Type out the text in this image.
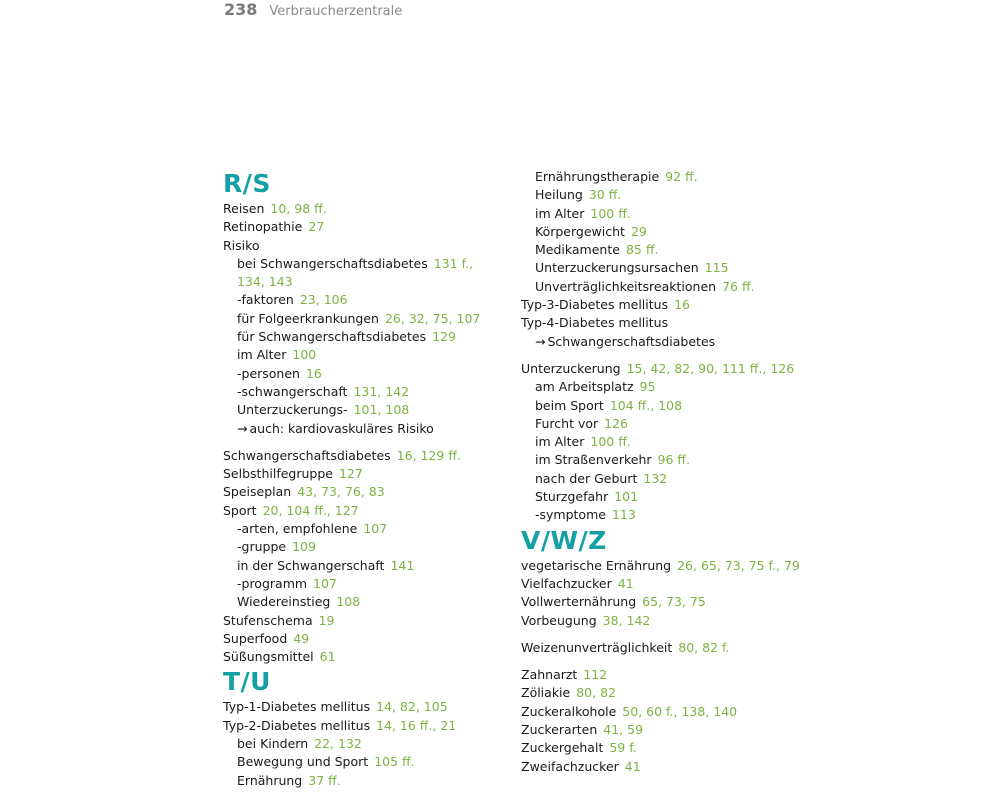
238 Verbraucherzentrale
R/S
Reisen 10, 98 ff.
Retinopathie 27
Risiko
bei Schwangerschaftsdiabetes 131 f.,
134, 143
-faktoren 23, 106
für Folgeerkrankungen 26, 32, 75, 107
für Schwangerschaftsdiabetes 129
im Alter 100
-personen 16
-schwangerschaft 131, 142
Unterzuckerungs- 101, 108
→ auch: kardiovaskuläres Risiko
Schwangerschaftsdiabetes 16, 129 ff.
Selbsthilfegruppe 127
Speiseplan 43, 73, 76, 83
Sport 20, 104 ff., 127
-arten, empfohlene 107
-gruppe 109
in der Schwangerschaft 141
-programm 107
Wiedereinstieg 108
Stufenschema 19
Superfood 49
Süßungsmittel 61
T/U
Typ-1-Diabetes mellitus 14, 82, 105
Typ-2-Diabetes mellitus 14, 16 ff., 21
bei Kindern 22, 132
Bewegung und Sport 105 ff.
Ernährung 37 ff.
Ernährungstherapie 92 ff.
Heilung 30 ff.
im Alter 100 ff.
Körpergewicht 29
Medikamente 85 ff.
Unterzuckerungsursachen 115
Unverträglichkeitsreaktionen 76 ff.
Typ-3-Diabetes mellitus 16
Typ-4-Diabetes mellitus
→ Schwangerschaftsdiabetes
Unterzuckerung 15, 42, 82, 90, 111 ff., 126
am Arbeitsplatz 95
beim Sport 104 ff., 108
Furcht vor 126
im Alter 100 ff.
im Straßenverkehr 96 ff.
nach der Geburt 132
Sturzgefahr 101
-symptome 113
V/W/Z
vegetarische Ernährung 26, 65, 73, 75 f., 79
Vielfachzucker 41
Vollwerternährung 65, 73, 75
Vorbeugung 38, 142
Weizenunverträglichkeit 80, 82 f.
Zahnarzt 112
Zöliakie 80, 82
Zuckeralkohole 50, 60 f., 138, 140
Zuckerarten 41, 59
Zuckergehalt 59 f.
Zweifachzucker 41
